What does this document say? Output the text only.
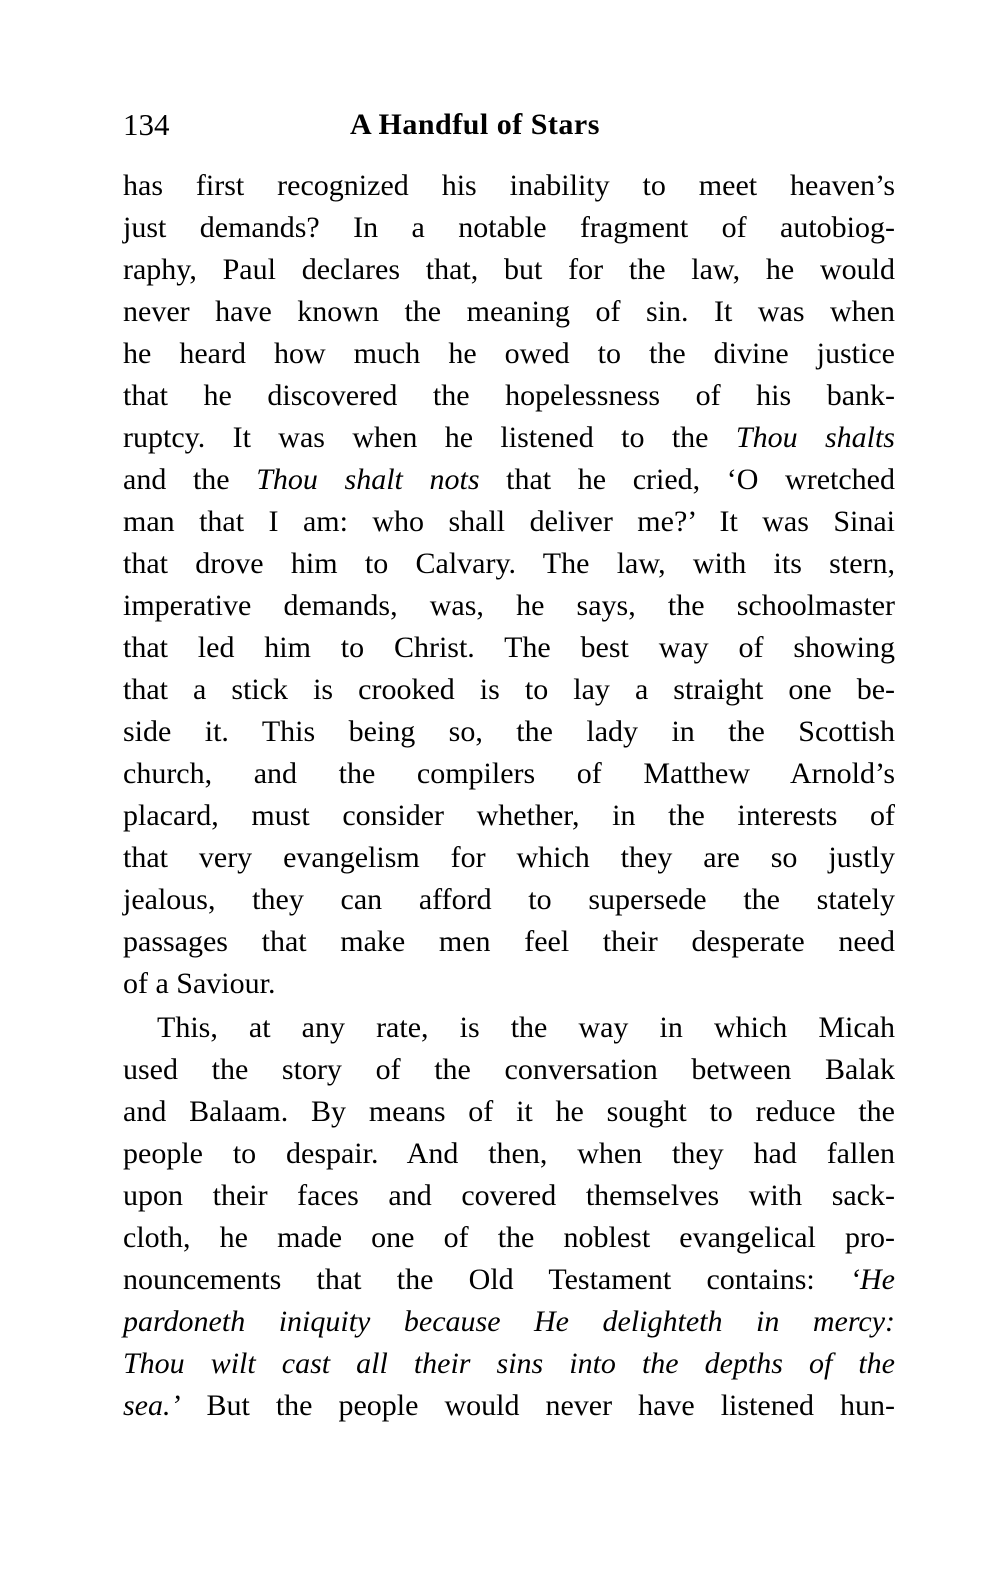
134	A Handful of Stars
has first recognized his inability to meet heaven’s
just demands? In a notable fragment of autobiog-
raphy, Paul declares that, but for the law, he would
never have known the meaning of sin. It was when
he heard how much he owed to the divine justice
that he discovered the hopelessness of his bank-
ruptcy. It was when he listened to the Thou shalts
and the Thou shalt nots that he cried, ‘O wretched
man that I am: who shall deliver me?’ It was Sinai
that drove him to Calvary. The law, with its stern,
imperative demands, was, he says, the schoolmaster
that led him to Christ. The best way of showing
that a stick is crooked is to lay a straight one be-
side it. This being so, the lady in the Scottish
church, and the compilers of Matthew Arnold’s
placard, must consider whether, in the interests of
that very evangelism for which they are so justly
jealous, they can afford to supersede the stately
passages that make men feel their desperate need
of a Saviour.
This, at any rate, is the way in which Micah
used the story of the conversation between Balak
and Balaam. By means of it he sought to reduce the
people to despair. And then, when they had fallen
upon their faces and covered themselves with sack-
cloth, he made one of the noblest evangelical pro-
nouncements that the Old Testament contains: ‘He
pardoneth iniquity because He delighteth in mercy:
Thou wilt cast all their sins into the depths of the
sea.’ But the people would never have listened hun-
